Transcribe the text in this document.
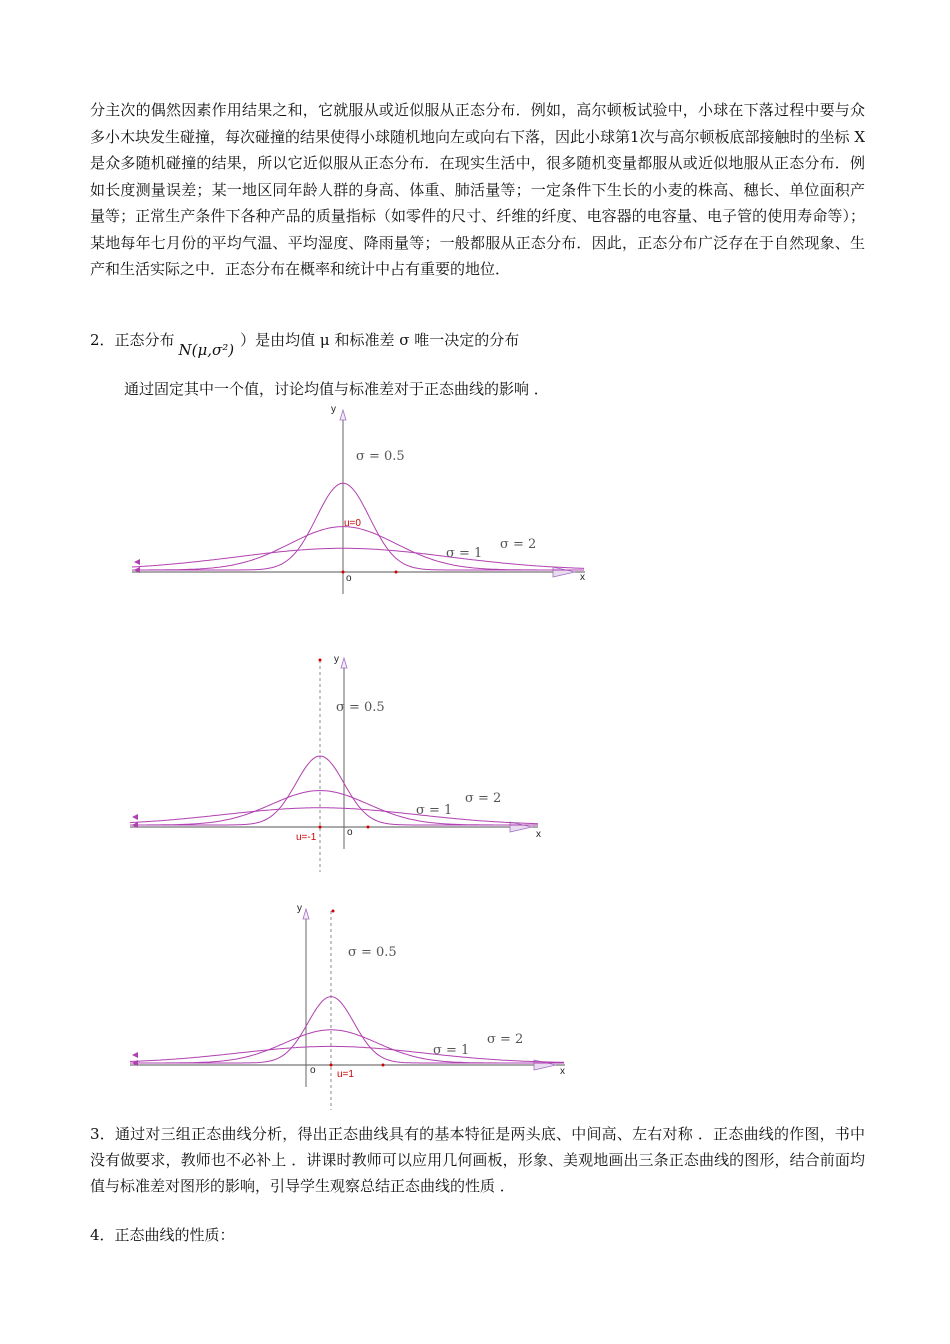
分主次的偶然因素作用结果之和，它就服从或近似服从正态分布．例如，高尔顿板试验中，小球在下落过程中要与众多小木块发生碰撞，每次碰撞的结果使得小球随机地向左或向右下落，因此小球第1次与高尔顿板底部接触时的坐标 X 是众多随机碰撞的结果，所以它近似服从正态分布．在现实生活中，很多随机变量都服从或近似地服从正态分布．例如长度测量误差；某一地区同年龄人群的身高、体重、肺活量等；一定条件下生长的小麦的株高、穗长、单位面积产量等；正常生产条件下各种产品的质量指标（如零件的尺寸、纤维的纤度、电容器的电容量、电子管的使用寿命等）；某地每年七月份的平均气温、平均湿度、降雨量等；一般都服从正态分布．因此，正态分布广泛存在于自然现象、生产和生活实际之中．正态分布在概率和统计中占有重要的地位．

2．正态分布N(μ,σ²)）是由均值 μ 和标准差 σ 唯一决定的分布

通过固定其中一个值，讨论均值与标准差对于正态曲线的影响 ．

σ = 0.5
σ = 1
σ = 2
u=0
o	x
y
σ = 0.5
σ = 1
σ = 2
u=-1	o	x
y
σ = 0.5
σ = 1
σ = 2
u=1
o	x
y

3．通过对三组正态曲线分析，得出正态曲线具有的基本特征是两头底、中间高、左右对称 ．正态曲线的作图，书中没有做要求，教师也不必补上 ．讲课时教师可以应用几何画板，形象、美观地画出三条正态曲线的图形，结合前面均值与标准差对图形的影响，引导学生观察总结正态曲线的性质 ．

4．正态曲线的性质：
